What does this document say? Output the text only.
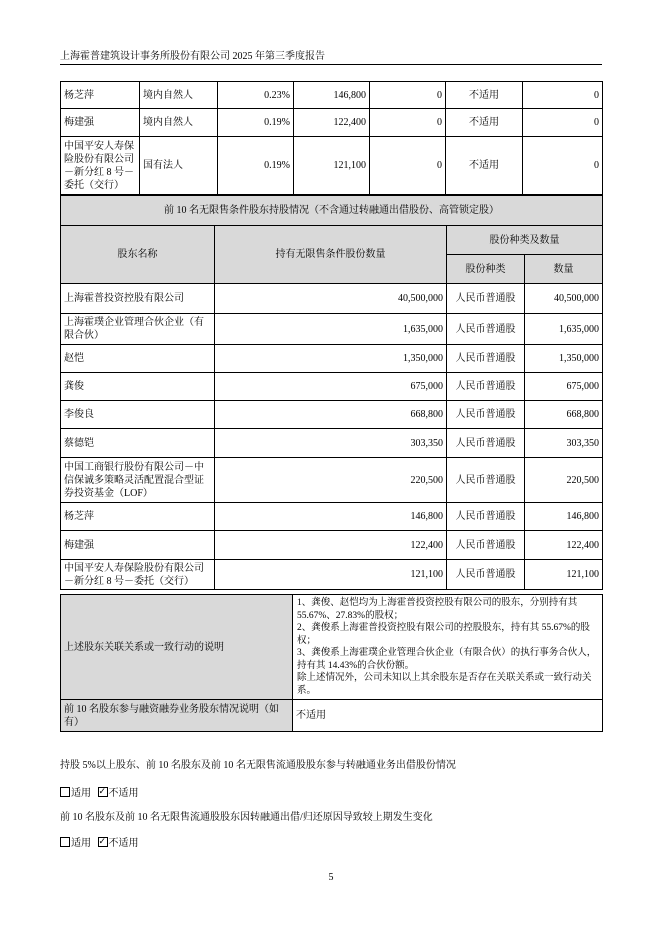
上海霍普建筑设计事务所股份有限公司 2025 年第三季度报告
杨芝萍	境内自然人	0.23%	146,800	0	不适用	0
梅建强	境内自然人	0.19%	122,400	0	不适用	0
中国平安人寿保险股份有限公司－新分红 8 号－委托（交行）	国有法人	0.19%	121,100	0	不适用	0
前 10 名无限售条件股东持股情况（不含通过转融通出借股份、高管锁定股）			
股东名称	持有无限售条件股份数量	股份种类及数量	
		股份种类	数量
上海霍普投资控股有限公司	40,500,000	人民币普通股	40,500,000
上海霍璞企业管理合伙企业（有限合伙）	1,635,000	人民币普通股	1,635,000
赵恺	1,350,000	人民币普通股	1,350,000
龚俊	675,000	人民币普通股	675,000
李俊良	668,800	人民币普通股	668,800
蔡德铠	303,350	人民币普通股	303,350
中国工商银行股份有限公司－中信保诚多策略灵活配置混合型证券投资基金（LOF）	220,500	人民币普通股	220,500
杨芝萍	146,800	人民币普通股	146,800
梅建强	122,400	人民币普通股	122,400
中国平安人寿保险股份有限公司－新分红 8 号－委托（交行）	121,100	人民币普通股	121,100
上述股东关联关系或一致行动的说明	1、龚俊、赵恺均为上海霍普投资控股有限公司的股东，分别持有其 55.67%、27.83%的股权；
2、龚俊系上海霍普投资控股有限公司的控股股东，持有其 55.67%的股权；
3、龚俊系上海霍璞企业管理合伙企业（有限合伙）的执行事务合伙人，持有其 14.43%的合伙份额。
除上述情况外，公司未知以上其余股东是否存在关联关系或一致行动关系。

前 10 名股东参与融资融券业务股东情况说明（如有）	不适用
持股 5%以上股东、前 10 名股东及前 10 名无限售流通股股东参与转融通业务出借股份情况
适用 ✓ 不适用
前 10 名股东及前 10 名无限售流通股股东因转融通出借/归还原因导致较上期发生变化
适用 ✓ 不适用
5
